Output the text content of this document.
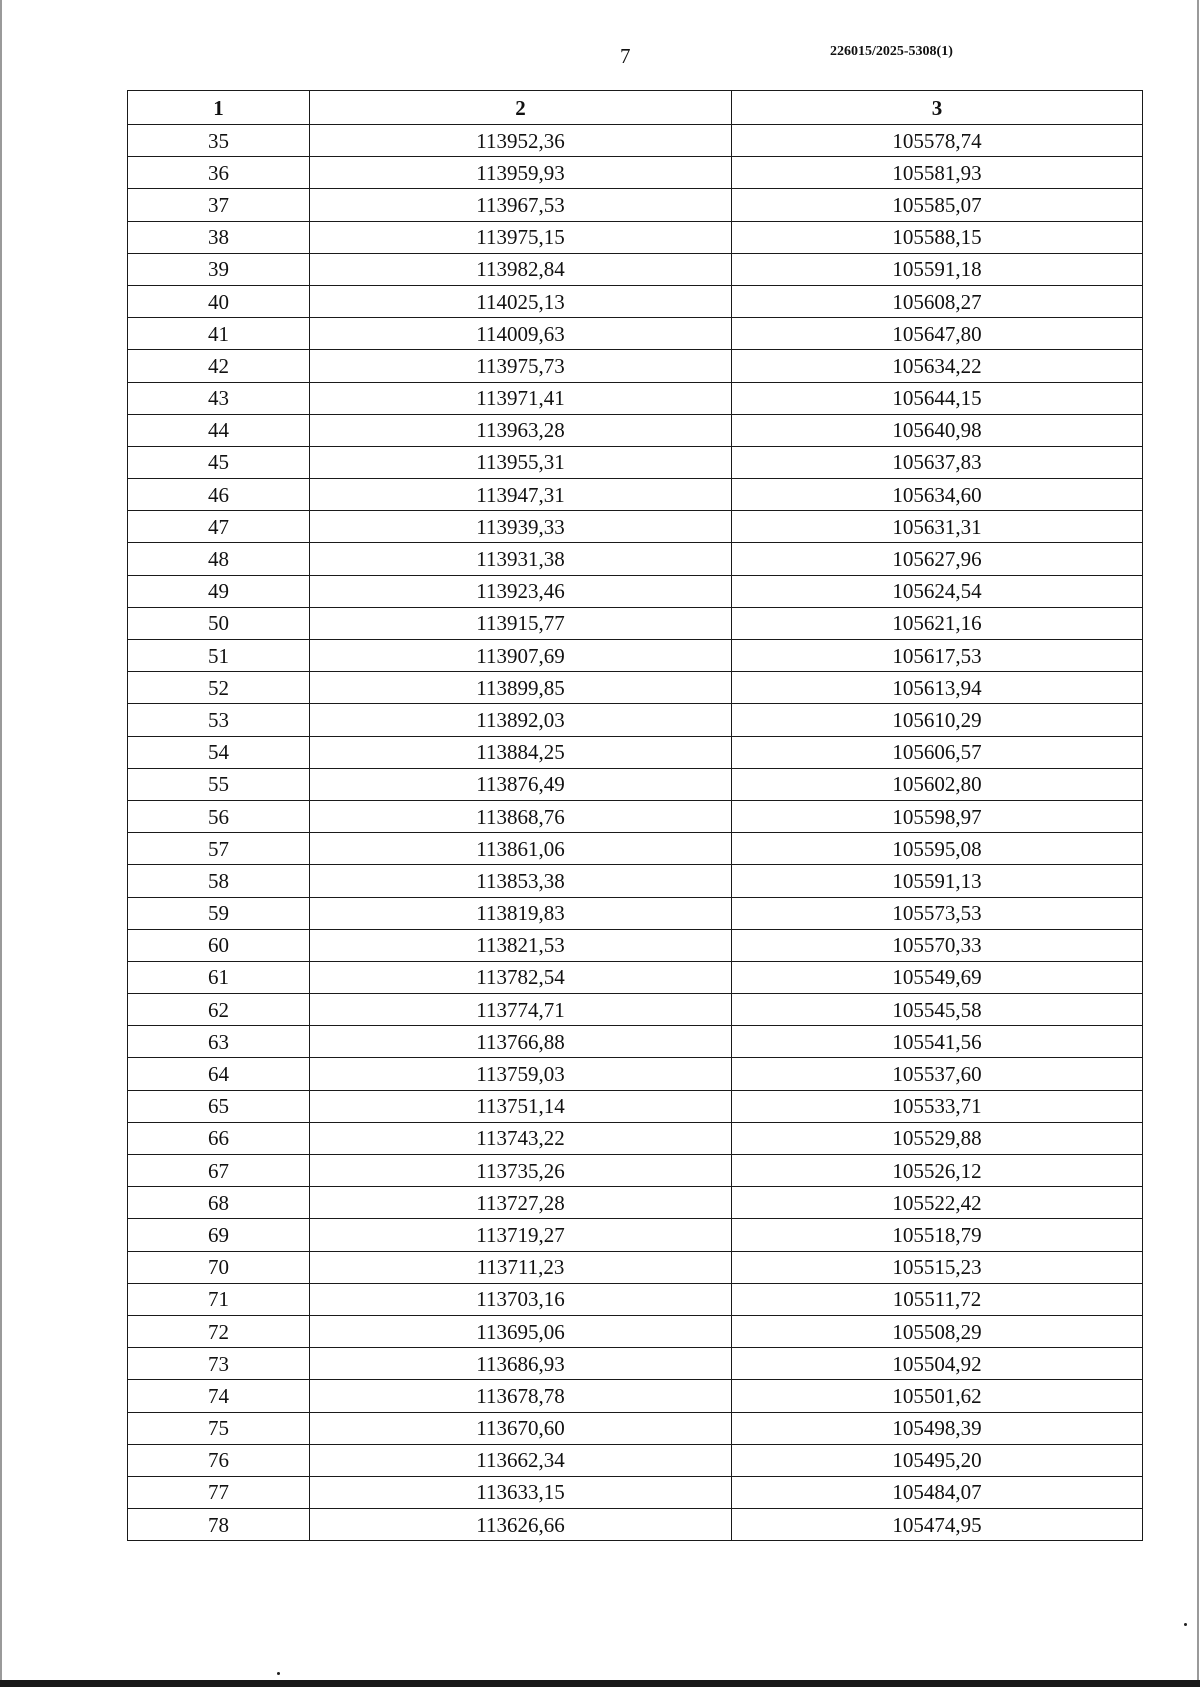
7	226015/2025-5308(1)
1	2	3
35	113952,36	105578,74
36	113959,93	105581,93
37	113967,53	105585,07
38	113975,15	105588,15
39	113982,84	105591,18
40	114025,13	105608,27
41	114009,63	105647,80
42	113975,73	105634,22
43	113971,41	105644,15
44	113963,28	105640,98
45	113955,31	105637,83
46	113947,31	105634,60
47	113939,33	105631,31
48	113931,38	105627,96
49	113923,46	105624,54
50	113915,77	105621,16
51	113907,69	105617,53
52	113899,85	105613,94
53	113892,03	105610,29
54	113884,25	105606,57
55	113876,49	105602,80
56	113868,76	105598,97
57	113861,06	105595,08
58	113853,38	105591,13
59	113819,83	105573,53
60	113821,53	105570,33
61	113782,54	105549,69
62	113774,71	105545,58
63	113766,88	105541,56
64	113759,03	105537,60
65	113751,14	105533,71
66	113743,22	105529,88
67	113735,26	105526,12
68	113727,28	105522,42
69	113719,27	105518,79
70	113711,23	105515,23
71	113703,16	105511,72
72	113695,06	105508,29
73	113686,93	105504,92
74	113678,78	105501,62
75	113670,60	105498,39
76	113662,34	105495,20
77	113633,15	105484,07
78	113626,66	105474,95
